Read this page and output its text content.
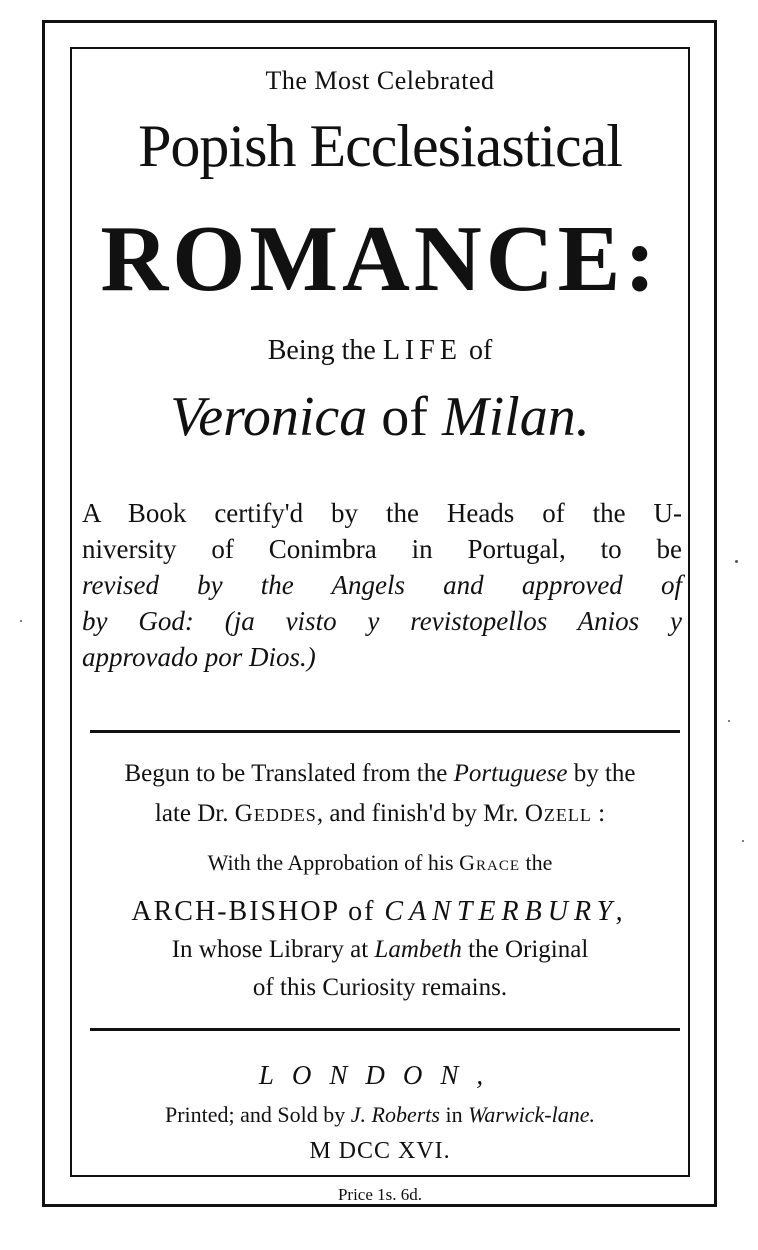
The Most Celebrated
Popish Ecclesiastical
ROMANCE:
Being the LIFE of
Veronica of Milan.
A Book certify'd by the Heads of the U-
niversity of Conimbra in Portugal, to be
revised by the Angels and approved of
by God: (ja visto y revistopellos Anios y
approvado por Dios.)
Begun to be Translated from the Portuguese by the
late Dr. Geddes, and finish'd by Mr. Ozell :
With the Approbation of his Grace the
ARCH-BISHOP of CANTERBURY,
In whose Library at Lambeth the Original
of this Curiosity remains.
LONDON,
Printed; and Sold by J. Roberts in Warwick-lane.
M DCC XVI.
Price 1s. 6d.
